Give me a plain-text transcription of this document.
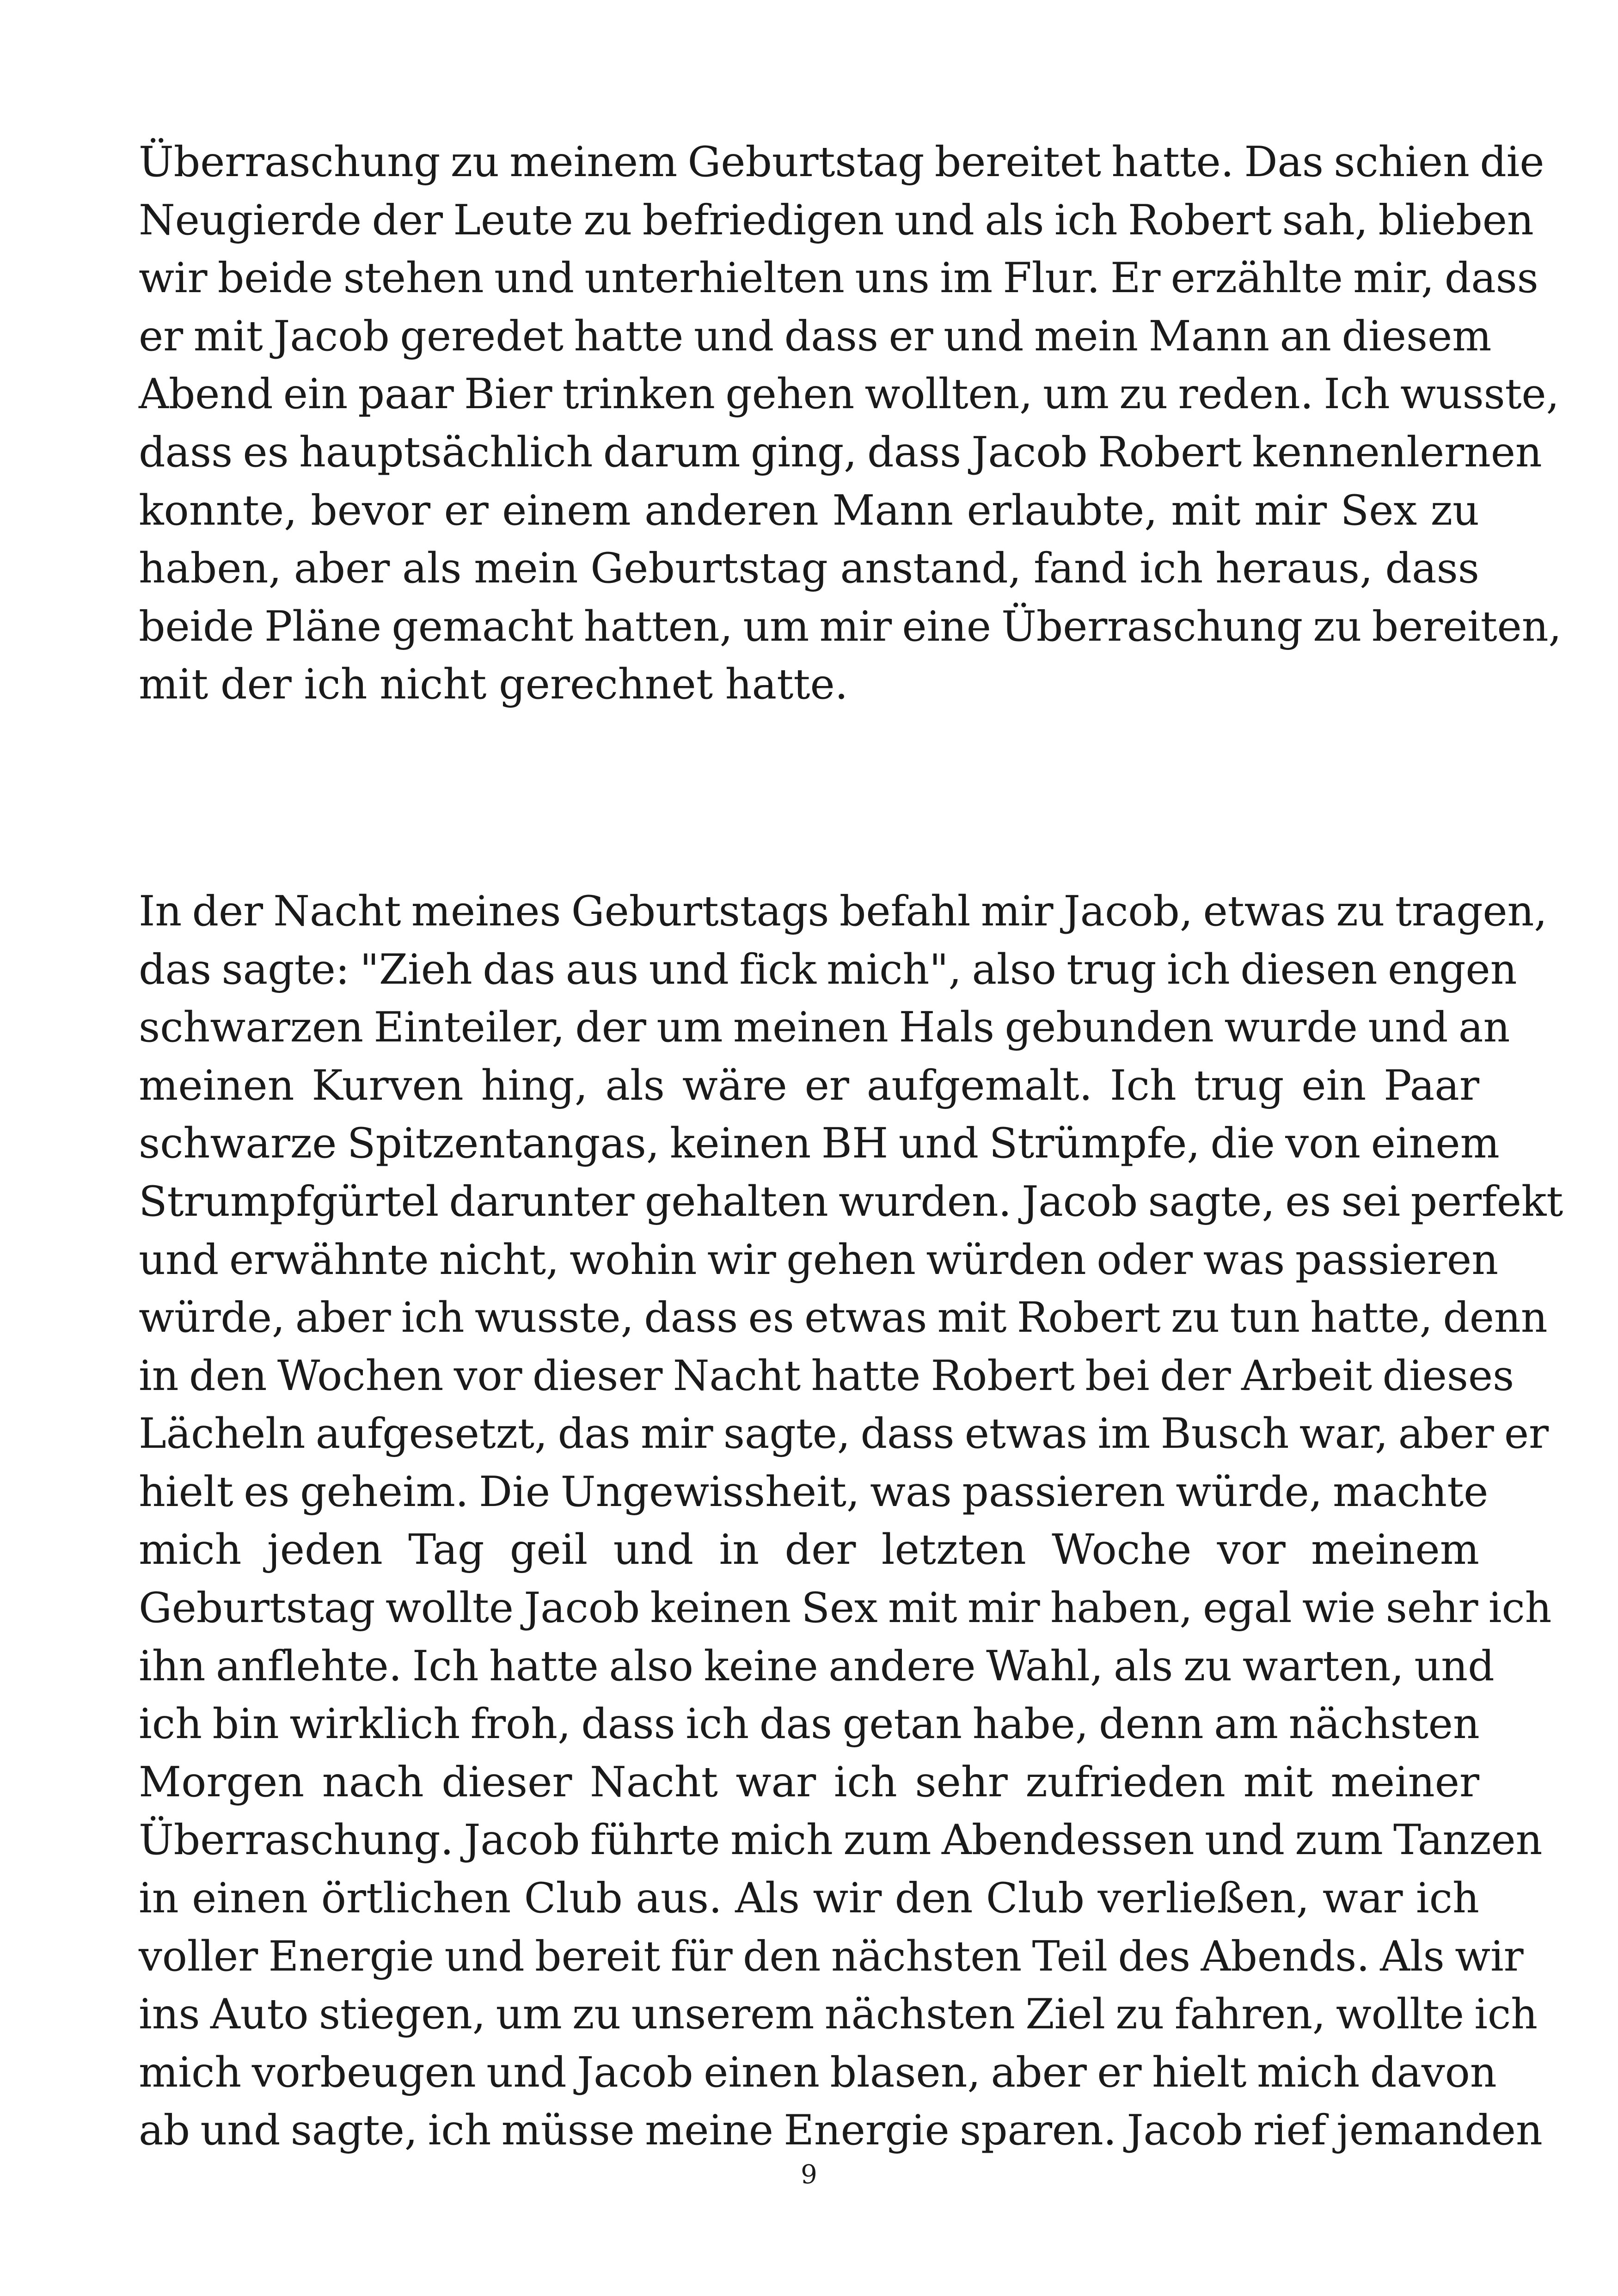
Überraschung zu meinem Geburtstag bereitet hatte. Das schien die
Neugierde der Leute zu befriedigen und als ich Robert sah, blieben
wir beide stehen und unterhielten uns im Flur. Er erzählte mir, dass
er mit Jacob geredet hatte und dass er und mein Mann an diesem
Abend ein paar Bier trinken gehen wollten, um zu reden. Ich wusste,
dass es hauptsächlich darum ging, dass Jacob Robert kennenlernen
konnte, bevor er einem anderen Mann erlaubte, mit mir Sex zu
haben, aber als mein Geburtstag anstand, fand ich heraus, dass
beide Pläne gemacht hatten, um mir eine Überraschung zu bereiten,
mit der ich nicht gerechnet hatte.

In der Nacht meines Geburtstags befahl mir Jacob, etwas zu tragen,
das sagte: "Zieh das aus und fick mich", also trug ich diesen engen
schwarzen Einteiler, der um meinen Hals gebunden wurde und an
meinen Kurven hing, als wäre er aufgemalt. Ich trug ein Paar
schwarze Spitzentangas, keinen BH und Strümpfe, die von einem
Strumpfgürtel darunter gehalten wurden. Jacob sagte, es sei perfekt
und erwähnte nicht, wohin wir gehen würden oder was passieren
würde, aber ich wusste, dass es etwas mit Robert zu tun hatte, denn
in den Wochen vor dieser Nacht hatte Robert bei der Arbeit dieses
Lächeln aufgesetzt, das mir sagte, dass etwas im Busch war, aber er
hielt es geheim. Die Ungewissheit, was passieren würde, machte
mich jeden Tag geil und in der letzten Woche vor meinem
Geburtstag wollte Jacob keinen Sex mit mir haben, egal wie sehr ich
ihn anflehte. Ich hatte also keine andere Wahl, als zu warten, und
ich bin wirklich froh, dass ich das getan habe, denn am nächsten
Morgen nach dieser Nacht war ich sehr zufrieden mit meiner
Überraschung. Jacob führte mich zum Abendessen und zum Tanzen
in einen örtlichen Club aus. Als wir den Club verließen, war ich
voller Energie und bereit für den nächsten Teil des Abends. Als wir
ins Auto stiegen, um zu unserem nächsten Ziel zu fahren, wollte ich
mich vorbeugen und Jacob einen blasen, aber er hielt mich davon
ab und sagte, ich müsse meine Energie sparen. Jacob rief jemanden

9
